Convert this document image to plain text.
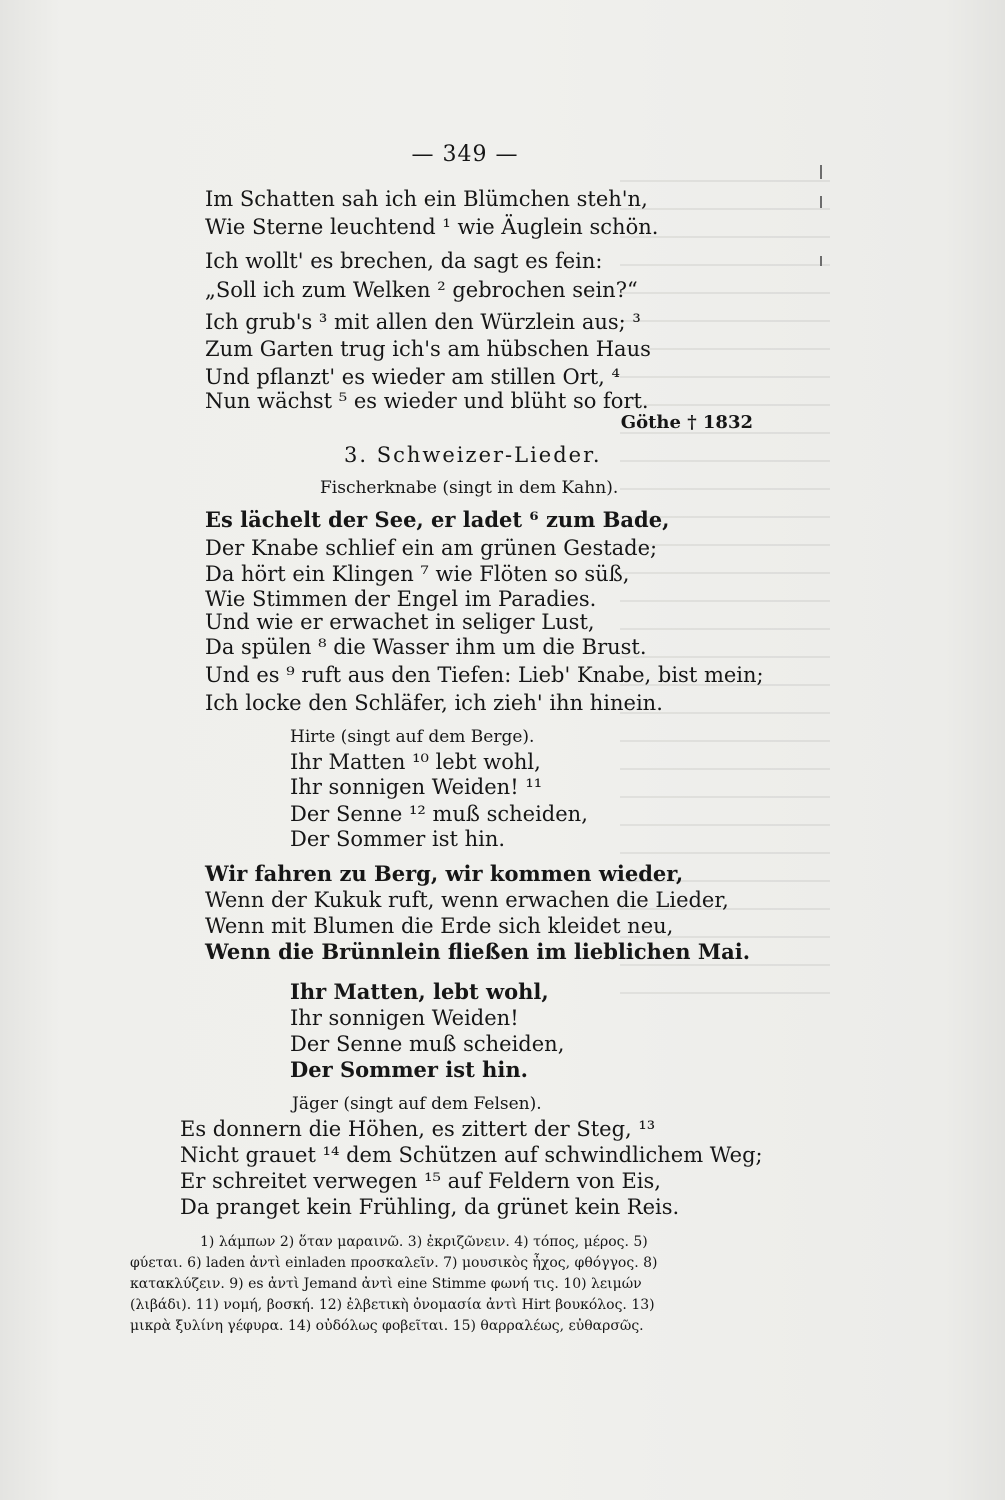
— 349 —
Im Schatten sah ich ein Blümchen steh'n,
Wie Sterne leuchtend ¹ wie Äuglein schön.
Ich wollt' es brechen, da sagt es fein:
„Soll ich zum Welken ² gebrochen sein?“
Ich grub's ³ mit allen den Würzlein aus; ³
Zum Garten trug ich's am hübschen Haus
Und pflanzt' es wieder am stillen Ort, ⁴
Nun wächst ⁵ es wieder und blüht so fort.
Göthe † 1832
3. Schweizer-Lieder.
Fischerknabe (singt in dem Kahn).
Es lächelt der See, er ladet ⁶ zum Bade,
Der Knabe schlief ein am grünen Gestade;
Da hört ein Klingen ⁷ wie Flöten so süß,
Wie Stimmen der Engel im Paradies.
Und wie er erwachet in seliger Lust,
Da spülen ⁸ die Wasser ihm um die Brust.
Und es ⁹ ruft aus den Tiefen: Lieb' Knabe, bist mein;
Ich locke den Schläfer, ich zieh' ihn hinein.
Hirte (singt auf dem Berge).
Ihr Matten ¹⁰ lebt wohl,
Ihr sonnigen Weiden! ¹¹
Der Senne ¹² muß scheiden,
Der Sommer ist hin.
Wir fahren zu Berg, wir kommen wieder,
Wenn der Kukuk ruft, wenn erwachen die Lieder,
Wenn mit Blumen die Erde sich kleidet neu,
Wenn die Brünnlein fließen im lieblichen Mai.
Ihr Matten, lebt wohl,
Ihr sonnigen Weiden!
Der Senne muß scheiden,
Der Sommer ist hin.
Jäger (singt auf dem Felsen).
Es donnern die Höhen, es zittert der Steg, ¹³
Nicht grauet ¹⁴ dem Schützen auf schwindlichem Weg;
Er schreitet verwegen ¹⁵ auf Feldern von Eis,
Da pranget kein Frühling, da grünet kein Reis.
1) λάμπων 2) ὅταν μαραινῶ. 3) ἐκριζῶνειν. 4) τόπος, μέρος. 5)
φύεται. 6) laden ἀντὶ einladen προσκαλεῖν. 7) μουσικὸς ἦχος, φθόγγος. 8)
κατακλύζειν. 9) es ἀντὶ Jemand ἀντὶ eine Stimme φωνή τις. 10) λειμών
(λιβάδι). 11) νομή, βοσκή. 12) ἐλβετικὴ ὀνομασία ἀντὶ Hirt βουκόλος. 13)
μικρὰ ξυλίνη γέφυρα. 14) οὐδόλως φοβεῖται. 15) θαρραλέως, εὐθαρσῶς.
